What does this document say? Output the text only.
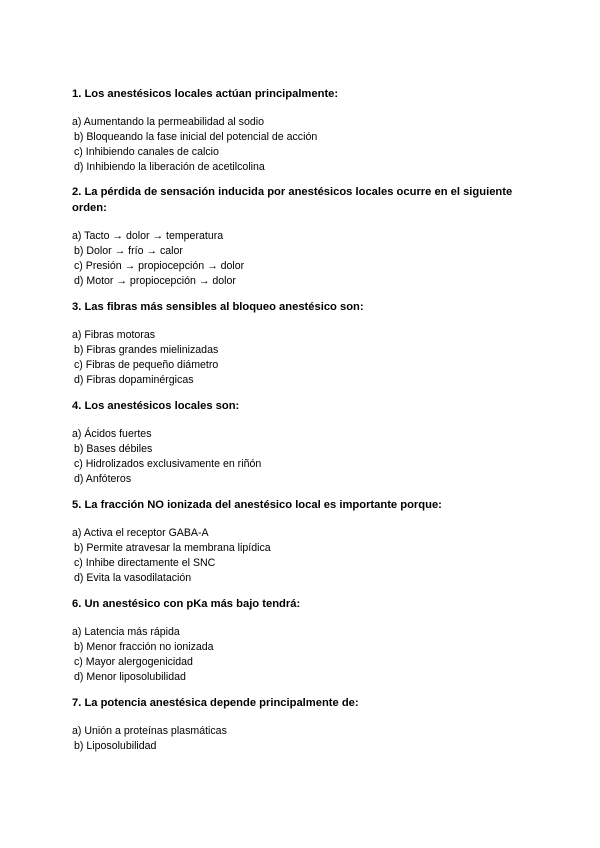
1. Los anestésicos locales actúan principalmente:
a) Aumentando la permeabilidad al sodio
b) Bloqueando la fase inicial del potencial de acción
c) Inhibiendo canales de calcio
d) Inhibiendo la liberación de acetilcolina
2. La pérdida de sensación inducida por anestésicos locales ocurre en el siguiente orden:
a) Tacto → dolor → temperatura
b) Dolor → frío → calor
c) Presión → propiocepción → dolor
d) Motor → propiocepción → dolor
3. Las fibras más sensibles al bloqueo anestésico son:
a) Fibras motoras
b) Fibras grandes mielinizadas
c) Fibras de pequeño diámetro
d) Fibras dopaminérgicas
4. Los anestésicos locales son:
a) Ácidos fuertes
b) Bases débiles
c) Hidrolizados exclusivamente en riñón
d) Anfóteros
5. La fracción NO ionizada del anestésico local es importante porque:
a) Activa el receptor GABA-A
b) Permite atravesar la membrana lipídica
c) Inhibe directamente el SNC
d) Evita la vasodilatación
6. Un anestésico con pKa más bajo tendrá:
a) Latencia más rápida
b) Menor fracción no ionizada
c) Mayor alergogenicidad
d) Menor liposolubilidad
7. La potencia anestésica depende principalmente de:
a) Unión a proteínas plasmáticas
b) Liposolubilidad
